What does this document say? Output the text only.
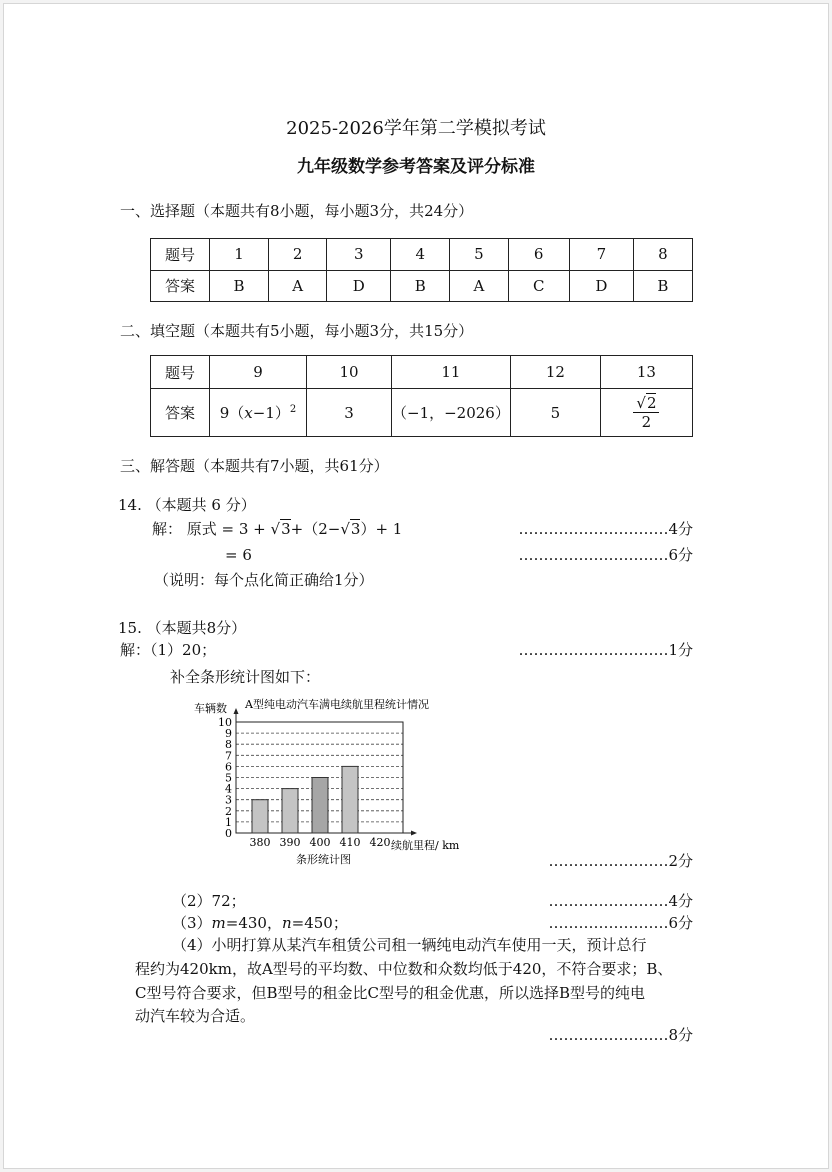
2025-2026学年第二学模拟考试
九年级数学参考答案及评分标准
一、选择题（本题共有8小题，每小题3分，共24分）
题号	1	2	3	4	5	6	7	8
答案	B	A	D	B	A	C	D	B
二、填空题（本题共有5小题，每小题3分，共15分）
题号	9	10	11	12	13
答案	$9(x-1)^2$	3	（−1，−2026）	5	$\frac{√2}{2}$
三、解答题（本题共有7小题，共61分）
14. （本题共 6 分）
解： 原式 = 3 + √3+（2−√3）+ 1	…………………………4分
= 6	…………………………6分
（说明：每个点化简正确给1分）
15. （本题共8分）
解：（1）20；	…………………………1分
补全条形统计图如下：
0
1
2
3
4
5
6
7
8
9
10
380 390 400 410 420
A型纯电动汽车满电续航里程统计情况
车辆数
续航里程/ km
条形统计图	……………………2分
（2）72；	……………………4分
（3）m=430，n=450；	……………………6分
（4）小明打算从某汽车租赁公司租一辆纯电动汽车使用一天，预计总行
程约为420km，故A型号的平均数、中位数和众数均低于420，不符合要求；B、
C型号符合要求，但B型号的租金比C型号的租金优惠，所以选择B型号的纯电
动汽车较为合适。
……………………8分
